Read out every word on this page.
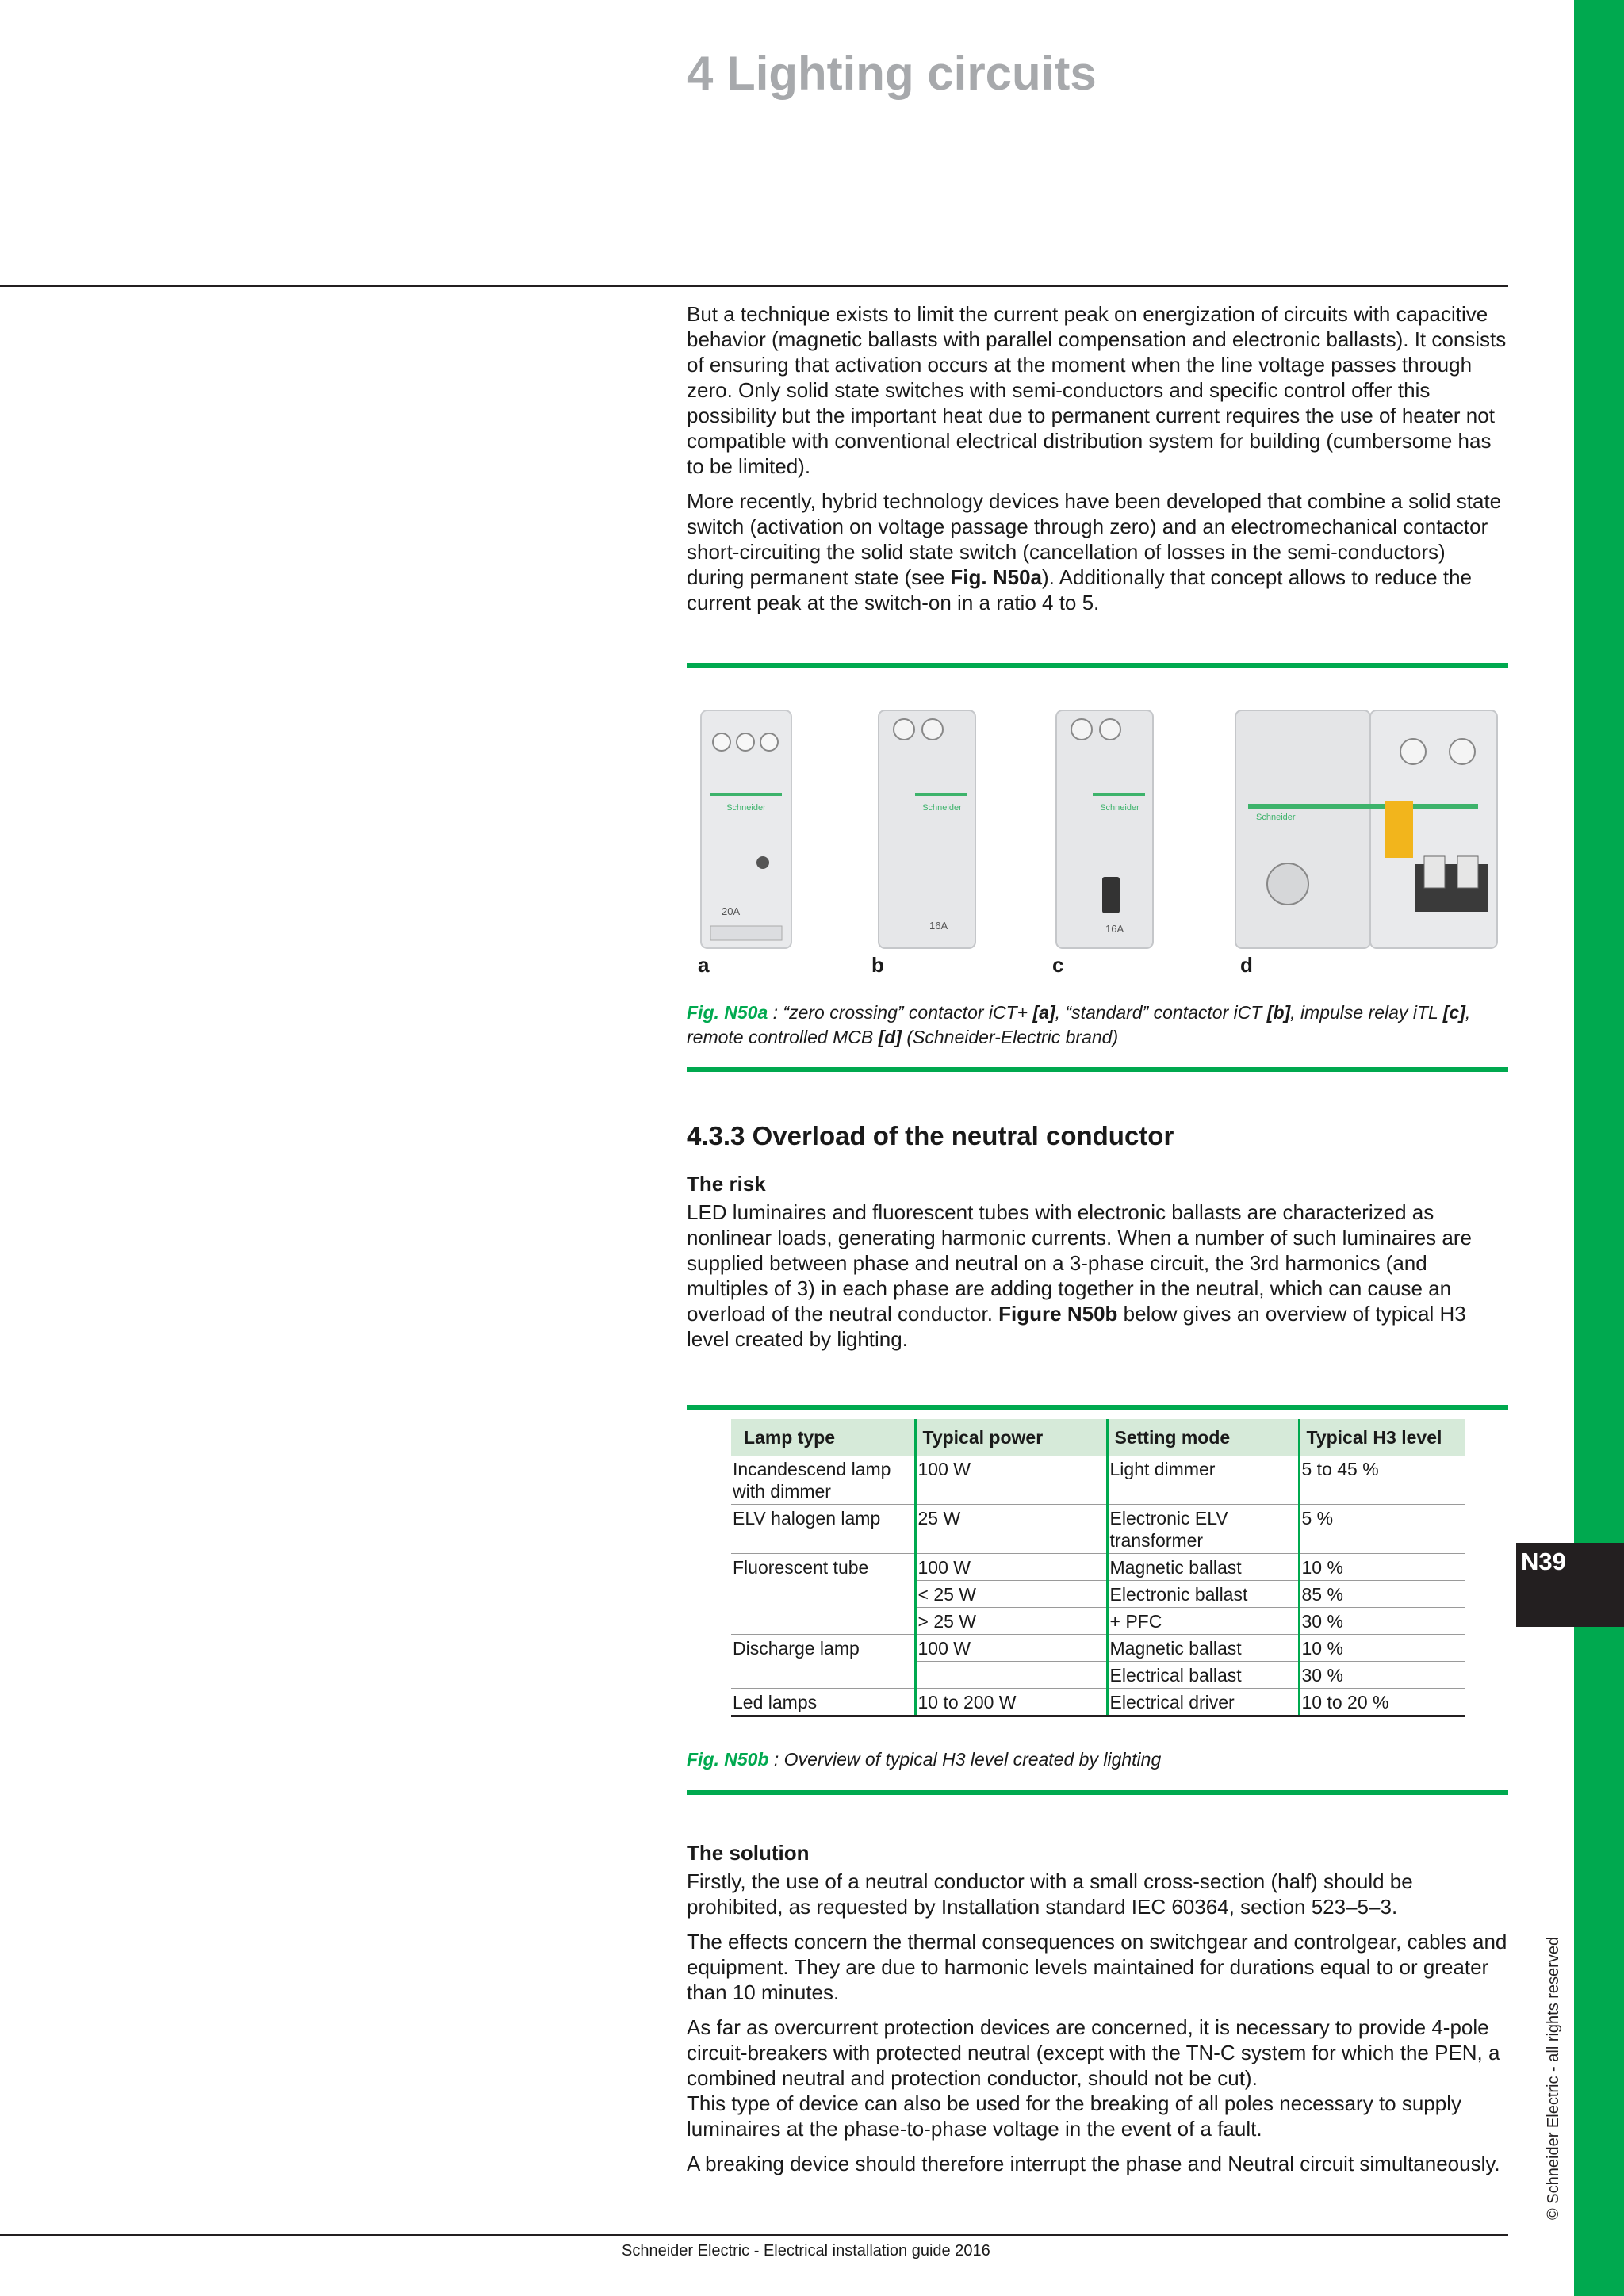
N39
© Schneider Electric - all rights reserved
4 Lighting circuits

But a technique exists to limit the current peak on energization of circuits with capacitive behavior (magnetic ballasts with parallel compensation and electronic ballasts). It consists of ensuring that activation occurs at the moment when the line voltage passes through zero. Only solid state switches with semi-conductors and specific control offer this possibility but the important heat due to permanent current requires the use of heater not compatible with conventional electrical distribution system for building (cumbersome has to be limited).

More recently, hybrid technology devices have been developed that combine a solid state switch (activation on voltage passage through zero) and an electromechanical contactor short-circuiting the solid state switch (cancellation of losses in the semi-conductors) during permanent state (see Fig. N50a). Additionally that concept allows to reduce the current peak at the switch-on in a ratio 4 to 5.

Schneider
20A
Schneider
16A
Schneider
16A
Schneider
a	b	c	d
Fig. N50a : “zero crossing” contactor iCT+ [a], “standard” contactor iCT [b], impulse relay iTL [c], remote controlled MCB [d] (Schneider-Electric brand)
4.3.3 Overload of the neutral conductor

The risk

LED luminaires and fluorescent tubes with electronic ballasts are characterized as nonlinear loads, generating harmonic currents. When a number of such luminaires are supplied between phase and neutral on a 3-phase circuit, the 3rd harmonics (and multiples of 3) in each phase are adding together in the neutral, which can cause an overload of the neutral conductor. Figure N50b below gives an overview of typical H3 level created by lighting.

Lamp type	Typical power	Setting mode	Typical H3 level
Incandescend lamp with dimmer	100 W	Light dimmer	5 to 45 %
ELV halogen lamp	25 W	Electronic ELV transformer	5 %
Fluorescent tube	100 W	Magnetic ballast	10 %
	< 25 W	Electronic ballast	85 %
	> 25 W	+ PFC	30 %
Discharge lamp	100 W	Magnetic ballast	10 %
		Electrical ballast	30 %
Led lamps	10 to 200 W	Electrical driver	10 to 20 %
Fig. N50b : Overview of typical H3 level created by lighting

The solution

Firstly, the use of a neutral conductor with a small cross-section (half) should be prohibited, as requested by Installation standard IEC 60364, section 523–5–3.

The effects concern the thermal consequences on switchgear and controlgear, cables and equipment. They are due to harmonic levels maintained for durations equal to or greater than 10 minutes.

As far as overcurrent protection devices are concerned, it is necessary to provide 4-pole circuit-breakers with protected neutral (except with the TN-C system for which the PEN, a combined neutral and protection conductor, should not be cut).

This type of device can also be used for the breaking of all poles necessary to supply luminaires at the phase-to-phase voltage in the event of a fault.

A breaking device should therefore interrupt the phase and Neutral circuit simultaneously.

Schneider Electric - Electrical installation guide 2016
